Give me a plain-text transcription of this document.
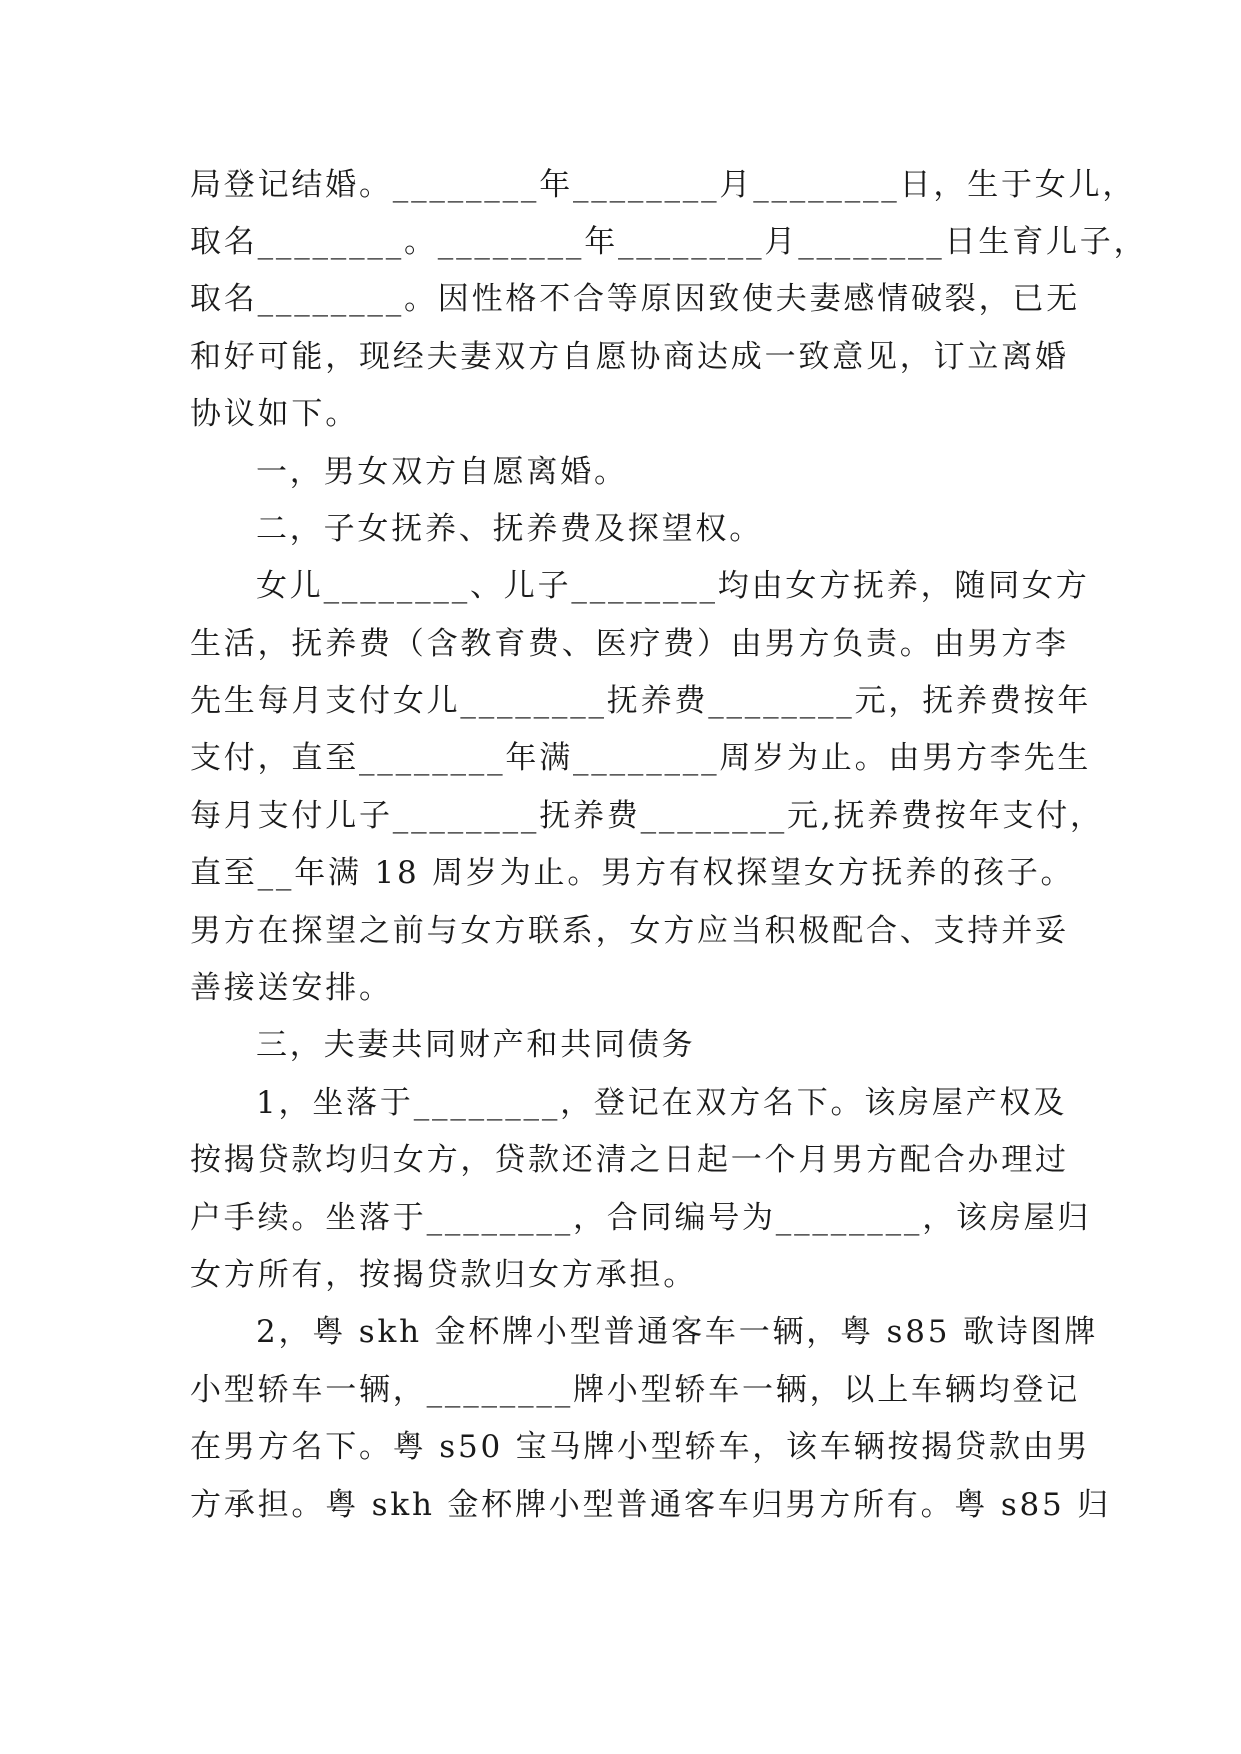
局登记结婚。________年________月________日，生于女儿，
取名________。________年________月________日生育儿子，
取名________。因性格不合等原因致使夫妻感情破裂，已无
和好可能，现经夫妻双方自愿协商达成一致意见，订立离婚
协议如下。
一，男女双方自愿离婚。
二，子女抚养、抚养费及探望权。
女儿________、儿子________均由女方抚养，随同女方
生活，抚养费（含教育费、医疗费）由男方负责。由男方李
先生每月支付女儿________抚养费________元，抚养费按年
支付，直至________年满________周岁为止。由男方李先生
每月支付儿子________抚养费________元,抚养费按年支付，
直至__年满 18 周岁为止。男方有权探望女方抚养的孩子。
男方在探望之前与女方联系，女方应当积极配合、支持并妥
善接送安排。
三，夫妻共同财产和共同债务
1，坐落于________，登记在双方名下。该房屋产权及
按揭贷款均归女方，贷款还清之日起一个月男方配合办理过
户手续。坐落于________，合同编号为________，该房屋归
女方所有，按揭贷款归女方承担。
2，粤 skh 金杯牌小型普通客车一辆，粤 s85 歌诗图牌
小型轿车一辆，________牌小型轿车一辆，以上车辆均登记
在男方名下。粤 s50 宝马牌小型轿车，该车辆按揭贷款由男
方承担。粤 skh 金杯牌小型普通客车归男方所有。粤 s85 归
